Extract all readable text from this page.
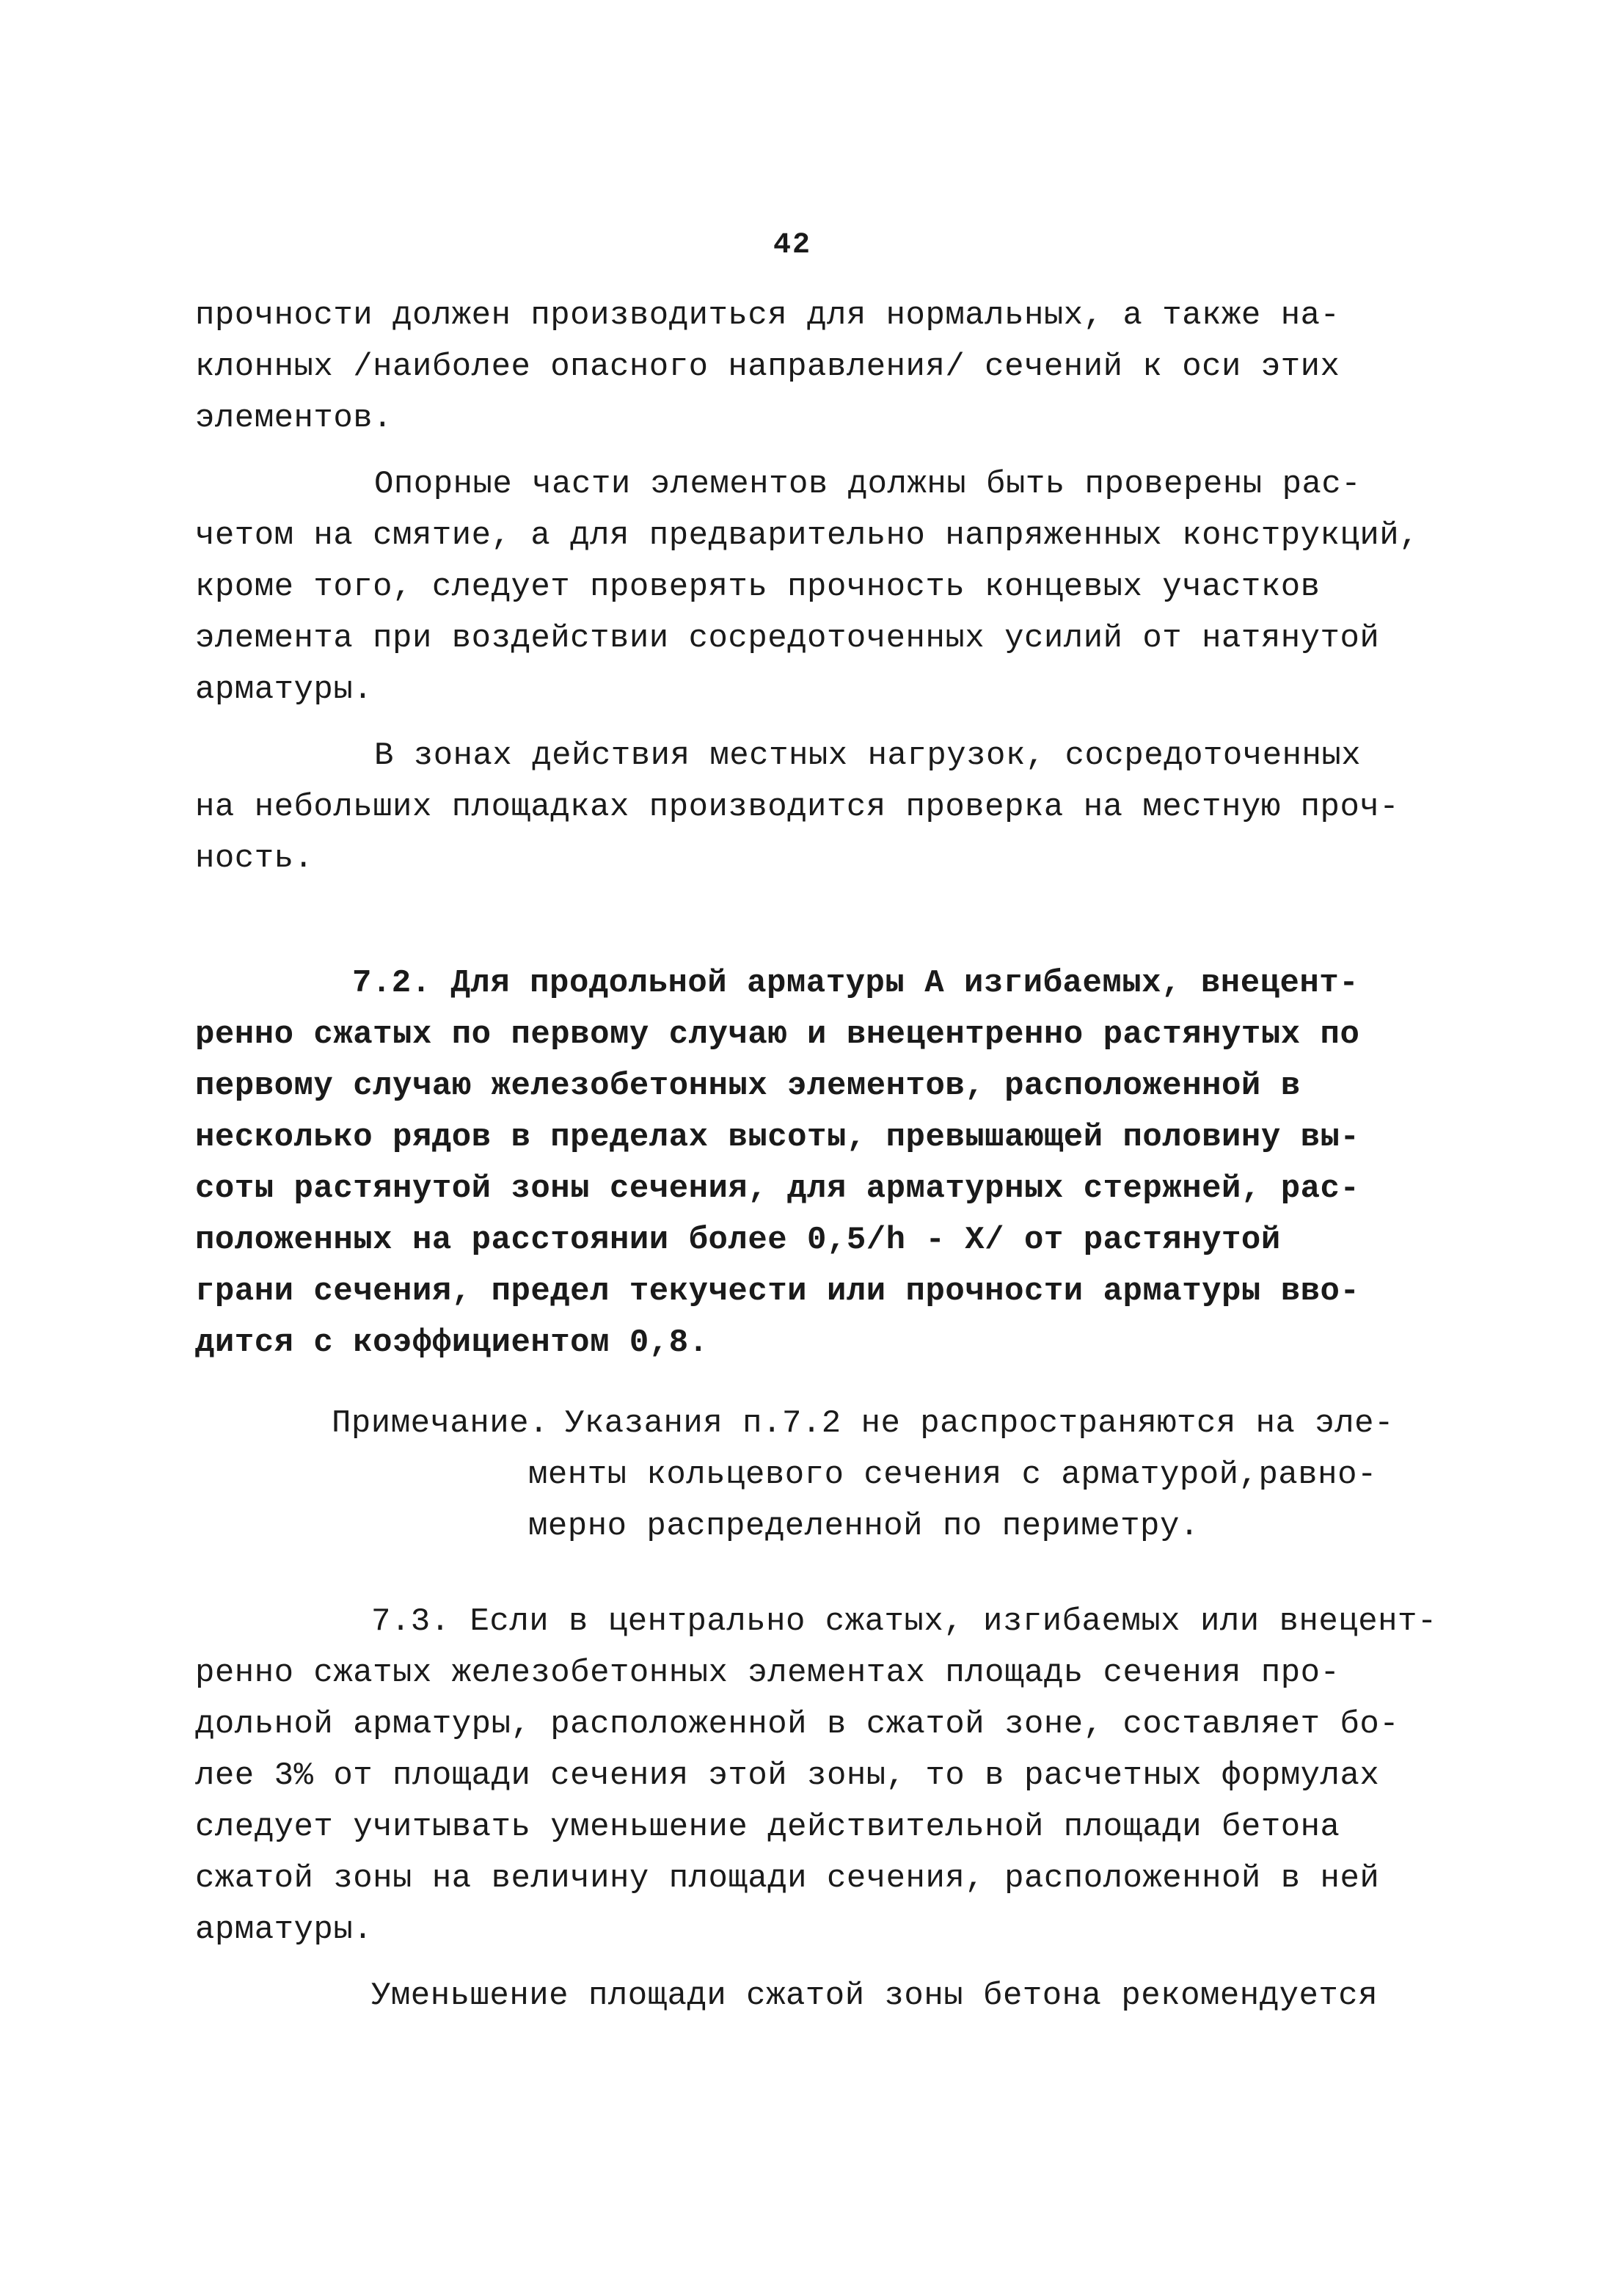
42
прочности должен производиться для нормальных, а также на-
клонных /наиболее опасного направления/ сечений к оси этих
элементов.
Опорные части элементов должны быть проверены рас-
четом на смятие, а для предварительно напряженных конструкций,
кроме того, следует проверять прочность концевых участков
элемента при воздействии сосредоточенных усилий от натянутой
арматуры.
В зонах действия местных нагрузок, сосредоточенных
на небольших площадках производится проверка на местную проч-
ность.
7.2. Для продольной арматуры A изгибаемых, внецент-
ренно сжатых по первому случаю и внецентренно растянутых по
первому случаю железобетонных элементов, расположенной в
несколько рядов в пределах высоты, превышающей половину вы-
соты растянутой зоны сечения, для арматурных стержней, рас-
положенных на расстоянии более 0,5/h - X/ от растянутой
грани сечения, предел текучести или прочности арматуры вво-
дится с коэффициентом 0,8.
Примечание. Указания п.7.2 не распространяются на эле-
менты кольцевого сечения с арматурой,равно-
мерно распределенной по периметру.
7.3. Если в центрально сжатых, изгибаемых или внецент-
ренно сжатых железобетонных элементах площадь сечения про-
дольной арматуры, расположенной в сжатой зоне, составляет бо-
лее 3% от площади сечения этой зоны, то в расчетных формулах
следует учитывать уменьшение действительной площади бетона
сжатой зоны на величину площади сечения, расположенной в ней
арматуры.
Уменьшение площади сжатой зоны бетона рекомендуется
